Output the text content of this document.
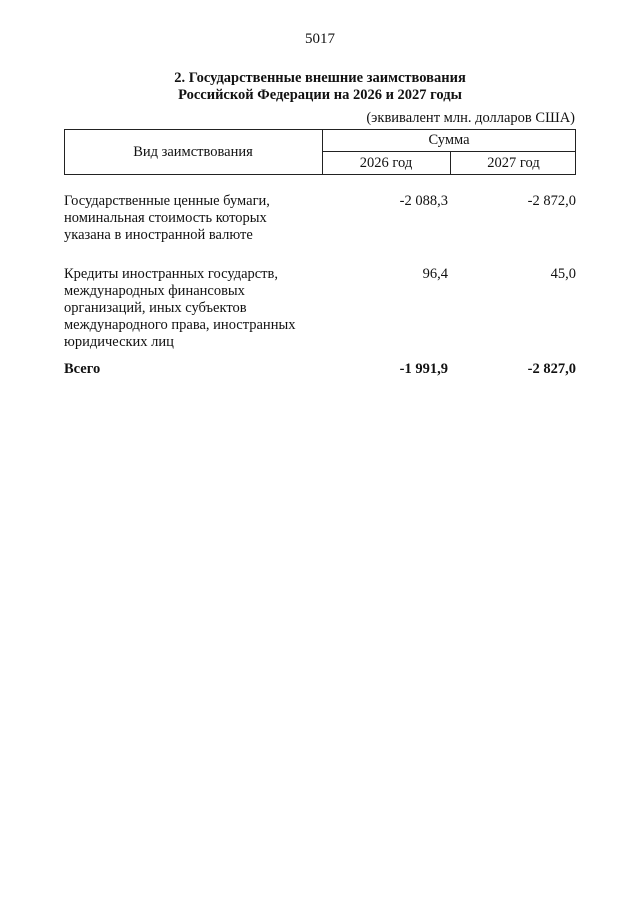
5017
2. Государственные внешние заимствования
Российской Федерации на 2026 и 2027 годы
(эквивалент млн. долларов США)
Вид заимствования
Сумма
2026 год	2027 год
Государственные ценные бумаги,
номинальная стоимость которых
указана в иностранной валюте
-2 088,3	-2 872,0
Кредиты иностранных государств,
международных финансовых
организаций, иных субъектов
международного права, иностранных
юридических лиц
96,4	45,0
Всего	-1 991,9	-2 827,0
